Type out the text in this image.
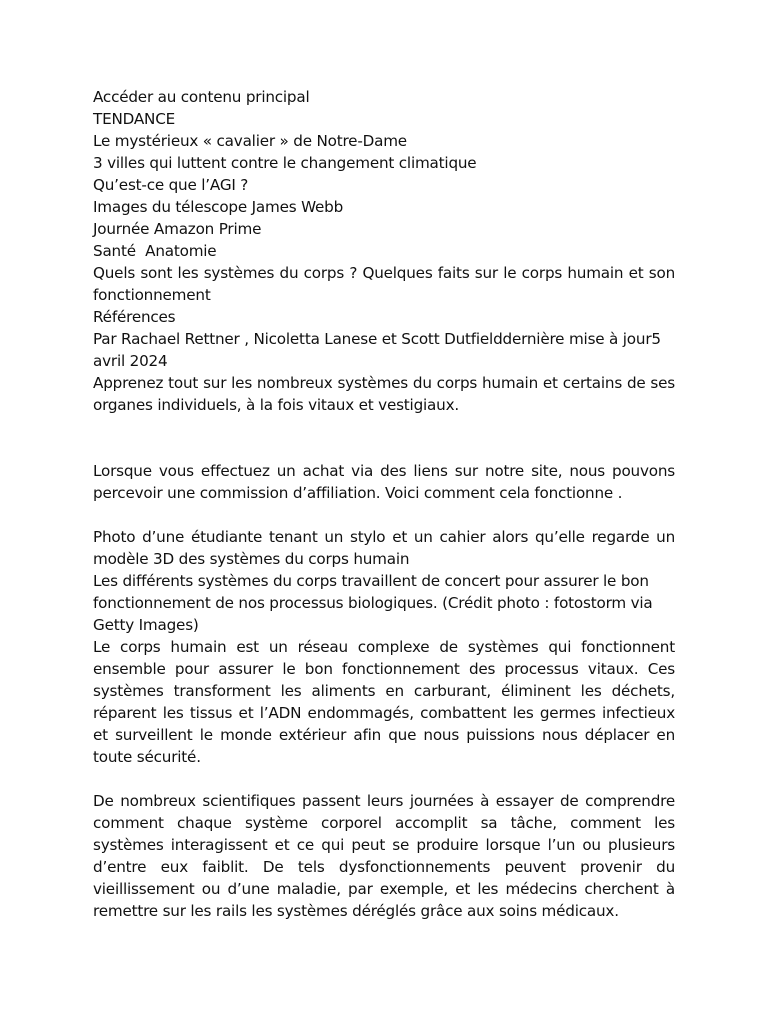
Accéder au contenu principal

TENDANCE

Le mystérieux « cavalier » de Notre-Dame

3 villes qui luttent contre le changement climatique

Qu’est-ce que l’AGI ?

Images du télescope James Webb

Journée Amazon Prime

Santé  Anatomie

Quels sont les systèmes du corps ? Quelques faits sur le corps humain et son fonctionnement

Références

Par Rachael Rettner , Nicoletta Lanese et Scott Dutfielddernière mise à jour5 avril 2024

Apprenez tout sur les nombreux systèmes du corps humain et certains de ses organes individuels, à la fois vitaux et vestigiaux.

Lorsque vous effectuez un achat via des liens sur notre site, nous pouvons percevoir une commission d’affiliation. Voici comment cela fonctionne .

Photo d’une étudiante tenant un stylo et un cahier alors qu’elle regarde un modèle 3D des systèmes du corps humain

Les différents systèmes du corps travaillent de concert pour assurer le bon fonctionnement de nos processus biologiques. (Crédit photo : fotostorm via Getty Images)

Le corps humain est un réseau complexe de systèmes qui fonctionnent ensemble pour assurer le bon fonctionnement des processus vitaux. Ces systèmes transforment les aliments en carburant, éliminent les déchets, réparent les tissus et l’ADN endommagés, combattent les germes infectieux et surveillent le monde extérieur afin que nous puissions nous déplacer en toute sécurité.

De nombreux scientifiques passent leurs journées à essayer de comprendre comment chaque système corporel accomplit sa tâche, comment les systèmes interagissent et ce qui peut se produire lorsque l’un ou plusieurs d’entre eux faiblit. De tels dysfonctionnements peuvent provenir du vieillissement ou d’une maladie, par exemple, et les médecins cherchent à remettre sur les rails les systèmes déréglés grâce aux soins médicaux.
